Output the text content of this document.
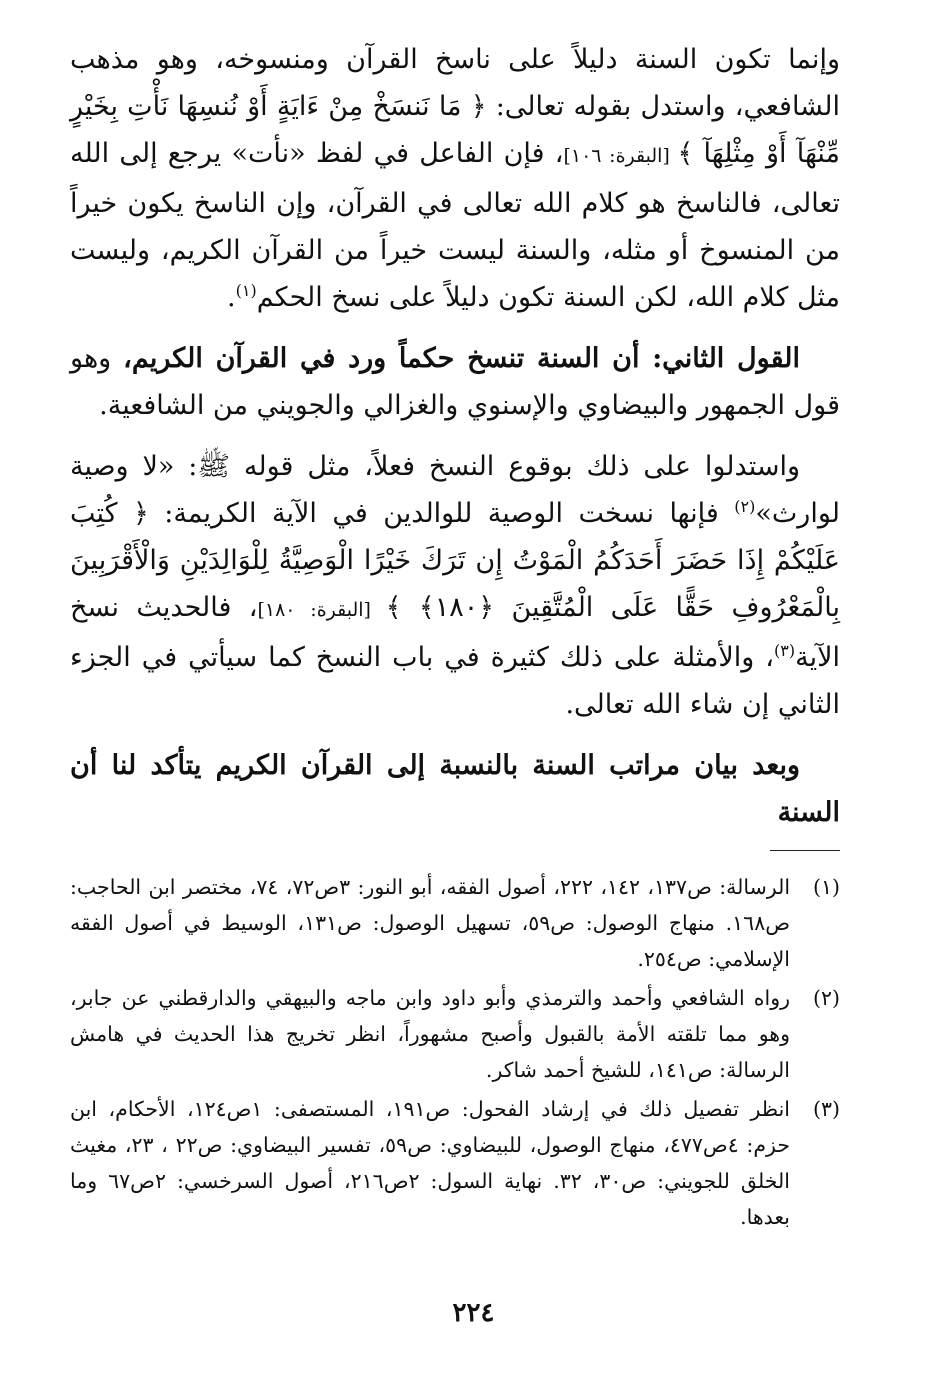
وإنما تكون السنة دليلاً على ناسخ القرآن ومنسوخه، وهو مذهب الشافعي، واستدل بقوله تعالى: ﴿ مَا نَنسَخْ مِنْ ءَايَةٍ أَوْ نُنسِهَا نَأْتِ بِخَيْرٍ مِّنْهَآ أَوْ مِثْلِهَآ ﴾ [البقرة: ١٠٦]، فإن الفاعل في لفظ «نأت» يرجع إلى الله تعالى، فالناسخ هو كلام الله تعالى في القرآن، وإن الناسخ يكون خيراً من المنسوخ أو مثله، والسنة ليست خيراً من القرآن الكريم، وليست مثل كلام الله، لكن السنة تكون دليلاً على نسخ الحكم$^{(١)}$.

القول الثاني: أن السنة تنسخ حكماً ورد في القرآن الكريم، وهو قول الجمهور والبيضاوي والإسنوي والغزالي والجويني من الشافعية.

واستدلوا على ذلك بوقوع النسخ فعلاً، مثل قوله ﷺ: «لا وصية لوارث»$^{(٢)}$ فإنها نسخت الوصية للوالدين في الآية الكريمة: ﴿ كُتِبَ عَلَيْكُمْ إِذَا حَضَرَ أَحَدَكُمُ الْمَوْتُ إِن تَرَكَ خَيْرًا الْوَصِيَّةُ لِلْوَالِدَيْنِ وَالْأَقْرَبِينَ بِالْمَعْرُوفِ حَقًّا عَلَى الْمُتَّقِينَ ﴿١٨٠﴾ ﴾ [البقرة: ١٨٠]، فالحديث نسخ الآية$^{(٣)}$، والأمثلة على ذلك كثيرة في باب النسخ كما سيأتي في الجزء الثاني إن شاء الله تعالى.

وبعد بيان مراتب السنة بالنسبة إلى القرآن الكريم يتأكد لنا أن السنة

(١)
الرسالة: ص١٣٧، ١٤٢، ٢٢٢، أصول الفقه، أبو النور: ٣ص٧٢، ٧٤، مختصر ابن الحاجب: ص١٦٨. منهاج الوصول: ص٥٩، تسهيل الوصول: ص١٣١، الوسيط في أصول الفقه الإسلامي: ص٢٥٤.
(٢)
رواه الشافعي وأحمد والترمذي وأبو داود وابن ماجه والبيهقي والدارقطني عن جابر، وهو مما تلقته الأمة بالقبول وأصبح مشهوراً، انظر تخريج هذا الحديث في هامش الرسالة: ص١٤١، للشيخ أحمد شاكر.
(٣)
انظر تفصيل ذلك في إرشاد الفحول: ص١٩١، المستصفى: ١ص١٢٤، الأحكام، ابن حزم: ٤ص٤٧٧، منهاج الوصول، للبيضاوي: ص٥٩، تفسير البيضاوي: ص٢٢ ، ٢٣، مغيث الخلق للجويني: ص٣٠، ٣٢. نهاية السول: ٢ص٢١٦، أصول السرخسي: ٢ص٦٧ وما بعدها.
٢٢٤
